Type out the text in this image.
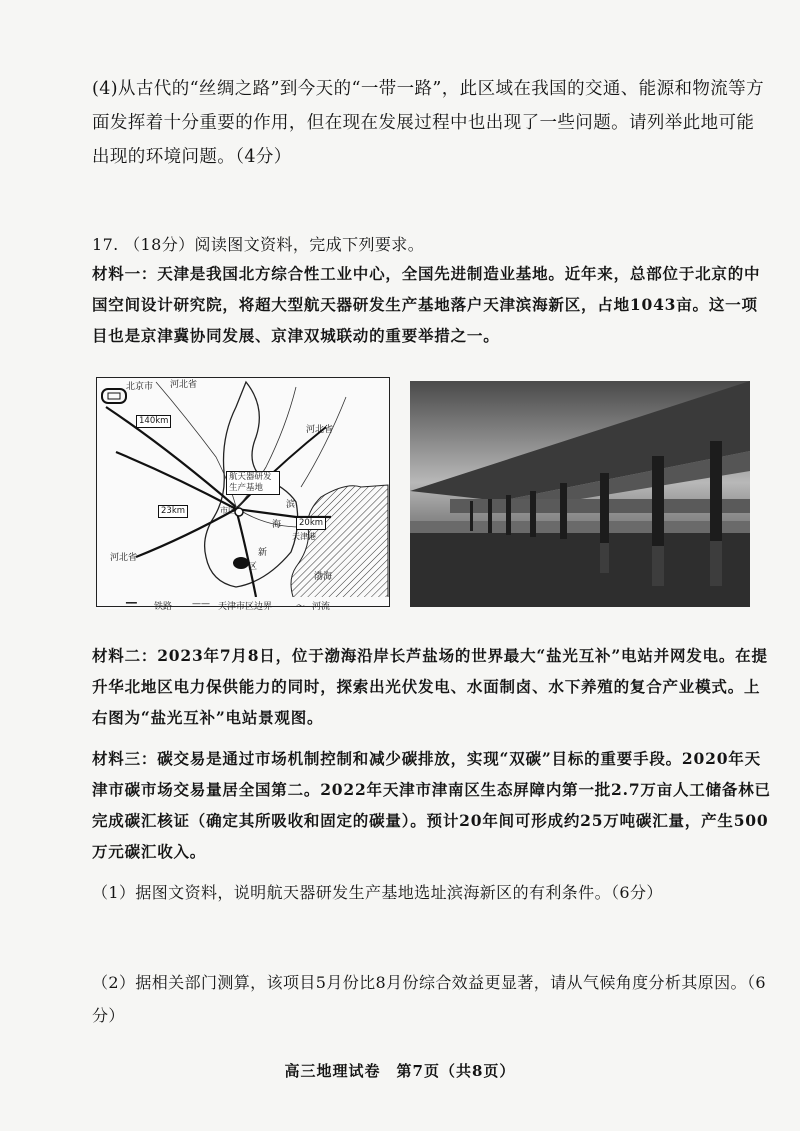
(4)从古代的“丝绸之路”到今天的“一带一路”，此区域在我国的交通、能源和物流等方面发挥着十分重要的作用，但在现在发展过程中也出现了一些问题。请列举此地可能出现的环境问题。（4分）
17. （18分）阅读图文资料，完成下列要求。
材料一：天津是我国北方综合性工业中心，全国先进制造业基地。近年来，总部位于北京的中国空间设计研究院，将超大型航天器研发生产基地落户天津滨海新区，占地1043亩。这一项目也是京津冀协同发展、京津双城联动的重要举措之一。
北京市 河北省
河北省
河北省
140km
23km
20km
航天器研发生产基地
市区
滨
海
新
区
天津港
渤海
━━ 铁路 —— 天津市区边界	～ 河流
材料二：2023年7月8日，位于渤海沿岸长芦盐场的世界最大“盐光互补”电站并网发电。在提升华北地区电力保供能力的同时，探索出光伏发电、水面制卤、水下养殖的复合产业模式。上右图为“盐光互补”电站景观图。
材料三：碳交易是通过市场机制控制和减少碳排放，实现“双碳”目标的重要手段。2020年天津市碳市场交易量居全国第二。2022年天津市津南区生态屏障内第一批2.7万亩人工储备林已完成碳汇核证（确定其所吸收和固定的碳量）。预计20年间可形成约25万吨碳汇量，产生500万元碳汇收入。
（1）据图文资料，说明航天器研发生产基地选址滨海新区的有利条件。（6分）
（2）据相关部门测算，该项目5月份比8月份综合效益更显著，请从气候角度分析其原因。（6分）
高三地理试卷　第7页（共8页）
